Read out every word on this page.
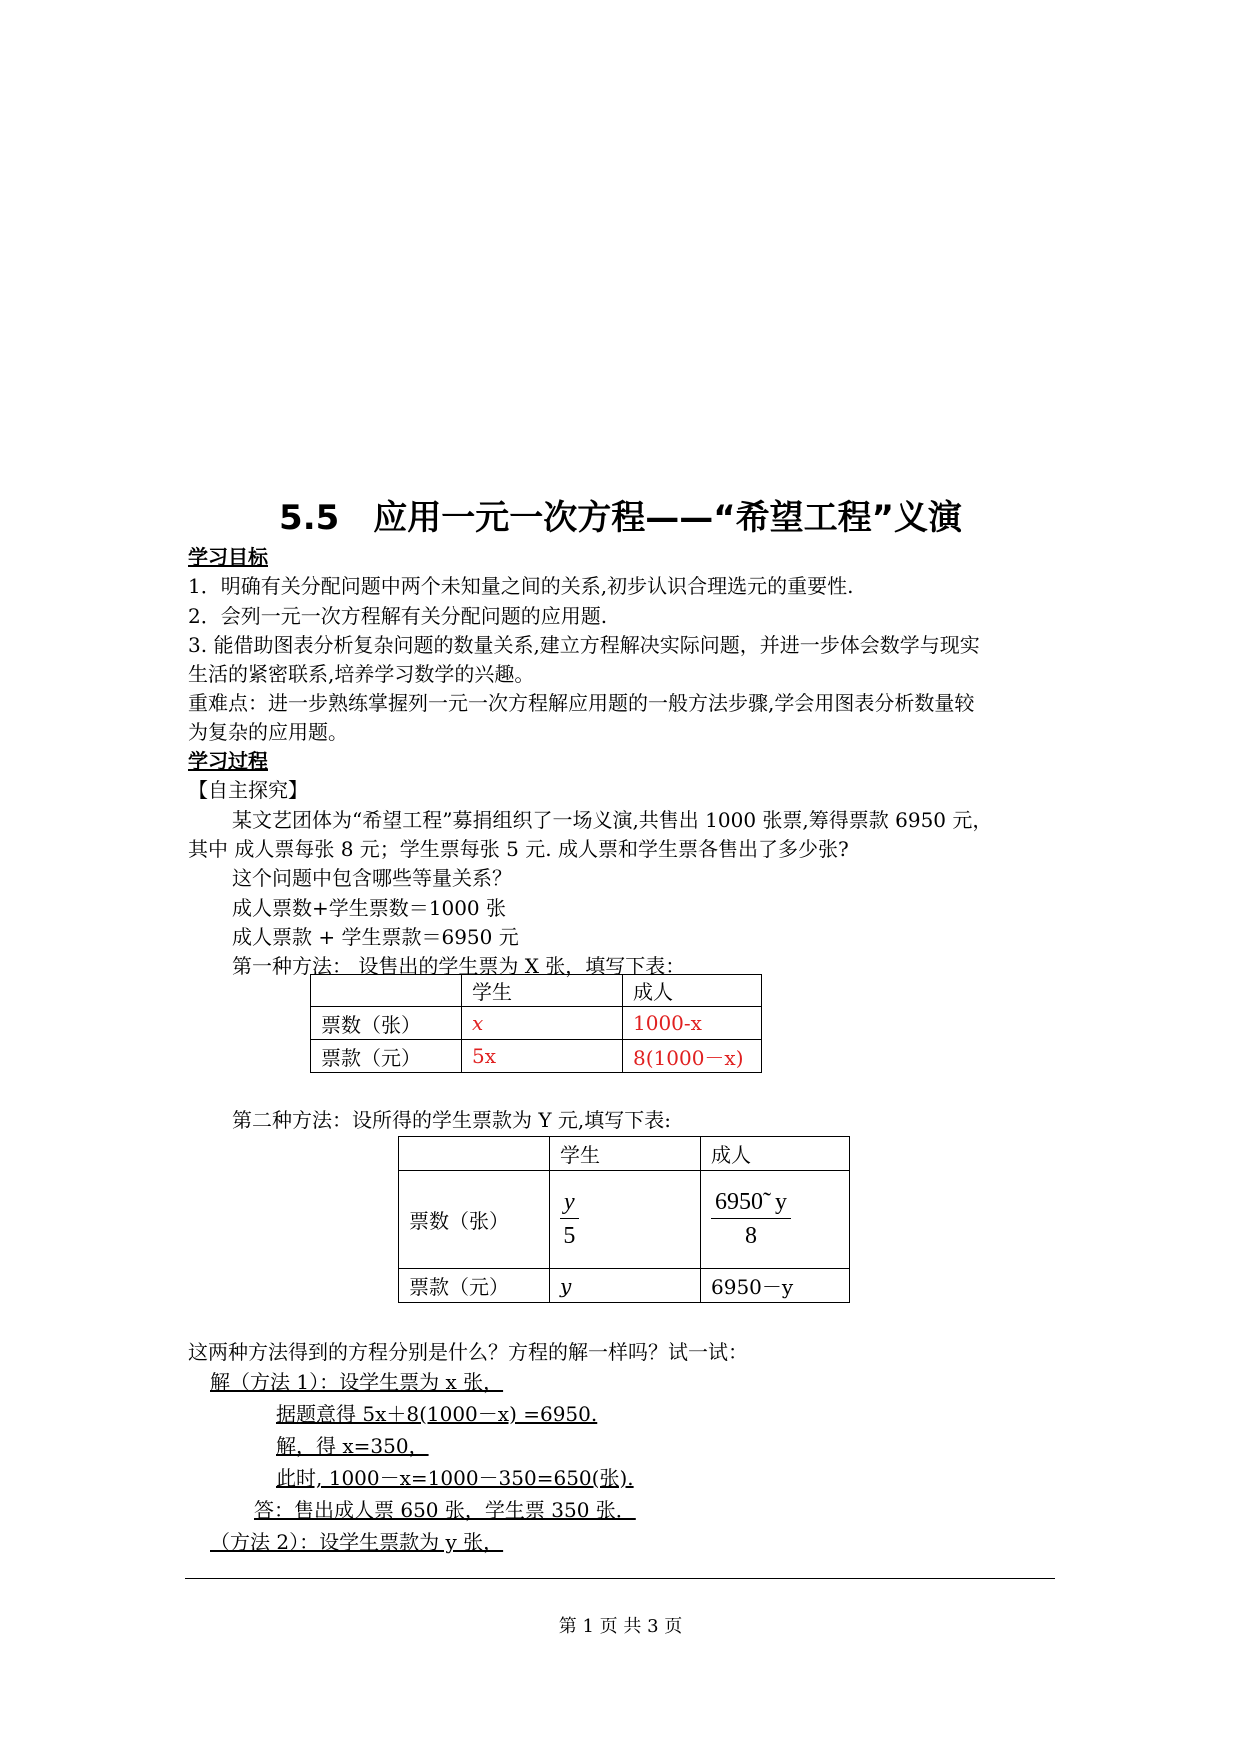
5.5　应用一元一次方程——“希望工程”义演
学习目标
1．明确有关分配问题中两个未知量之间的关系,初步认识合理选元的重要性.
2．会列一元一次方程解有关分配问题的应用题.
3. 能借助图表分析复杂问题的数量关系,建立方程解决实际问题，并进一步体会数学与现实
生活的紧密联系,培养学习数学的兴趣。
重难点：进一步熟练掌握列一元一次方程解应用题的一般方法步骤,学会用图表分析数量较
为复杂的应用题。
学习过程
【自主探究】
某文艺团体为“希望工程”募捐组织了一场义演,共售出 1000 张票,筹得票款 6950 元，
其中 成人票每张 8 元；学生票每张 5 元. 成人票和学生票各售出了多少张?
这个问题中包含哪些等量关系？
成人票数+学生票数＝1000 张
成人票款 + 学生票款＝6950 元
第一种方法： 设售出的学生票为 X 张，填写下表：
	学生	成人
票数（张）	x	1000-x
票款（元）	5x	8(1000－x)
第二种方法：设所得的学生票款为 Y 元,填写下表:
	学生	成人
票数（张）	$\frac{y}{5}$	$\frac{6950̃ y}{8}$

票款（元）	y	6950－y
这两种方法得到的方程分别是什么？方程的解一样吗？试一试：
解（方法 1）：设学生票为 x 张，
据题意得 5x＋8(1000－x) =6950.
解，得 x=350，
此时, 1000－x=1000－350=650(张).
答：售出成人票 650 张，学生票 350 张．
（方法 2）：设学生票款为 y 张，
第 1 页 共 3 页
